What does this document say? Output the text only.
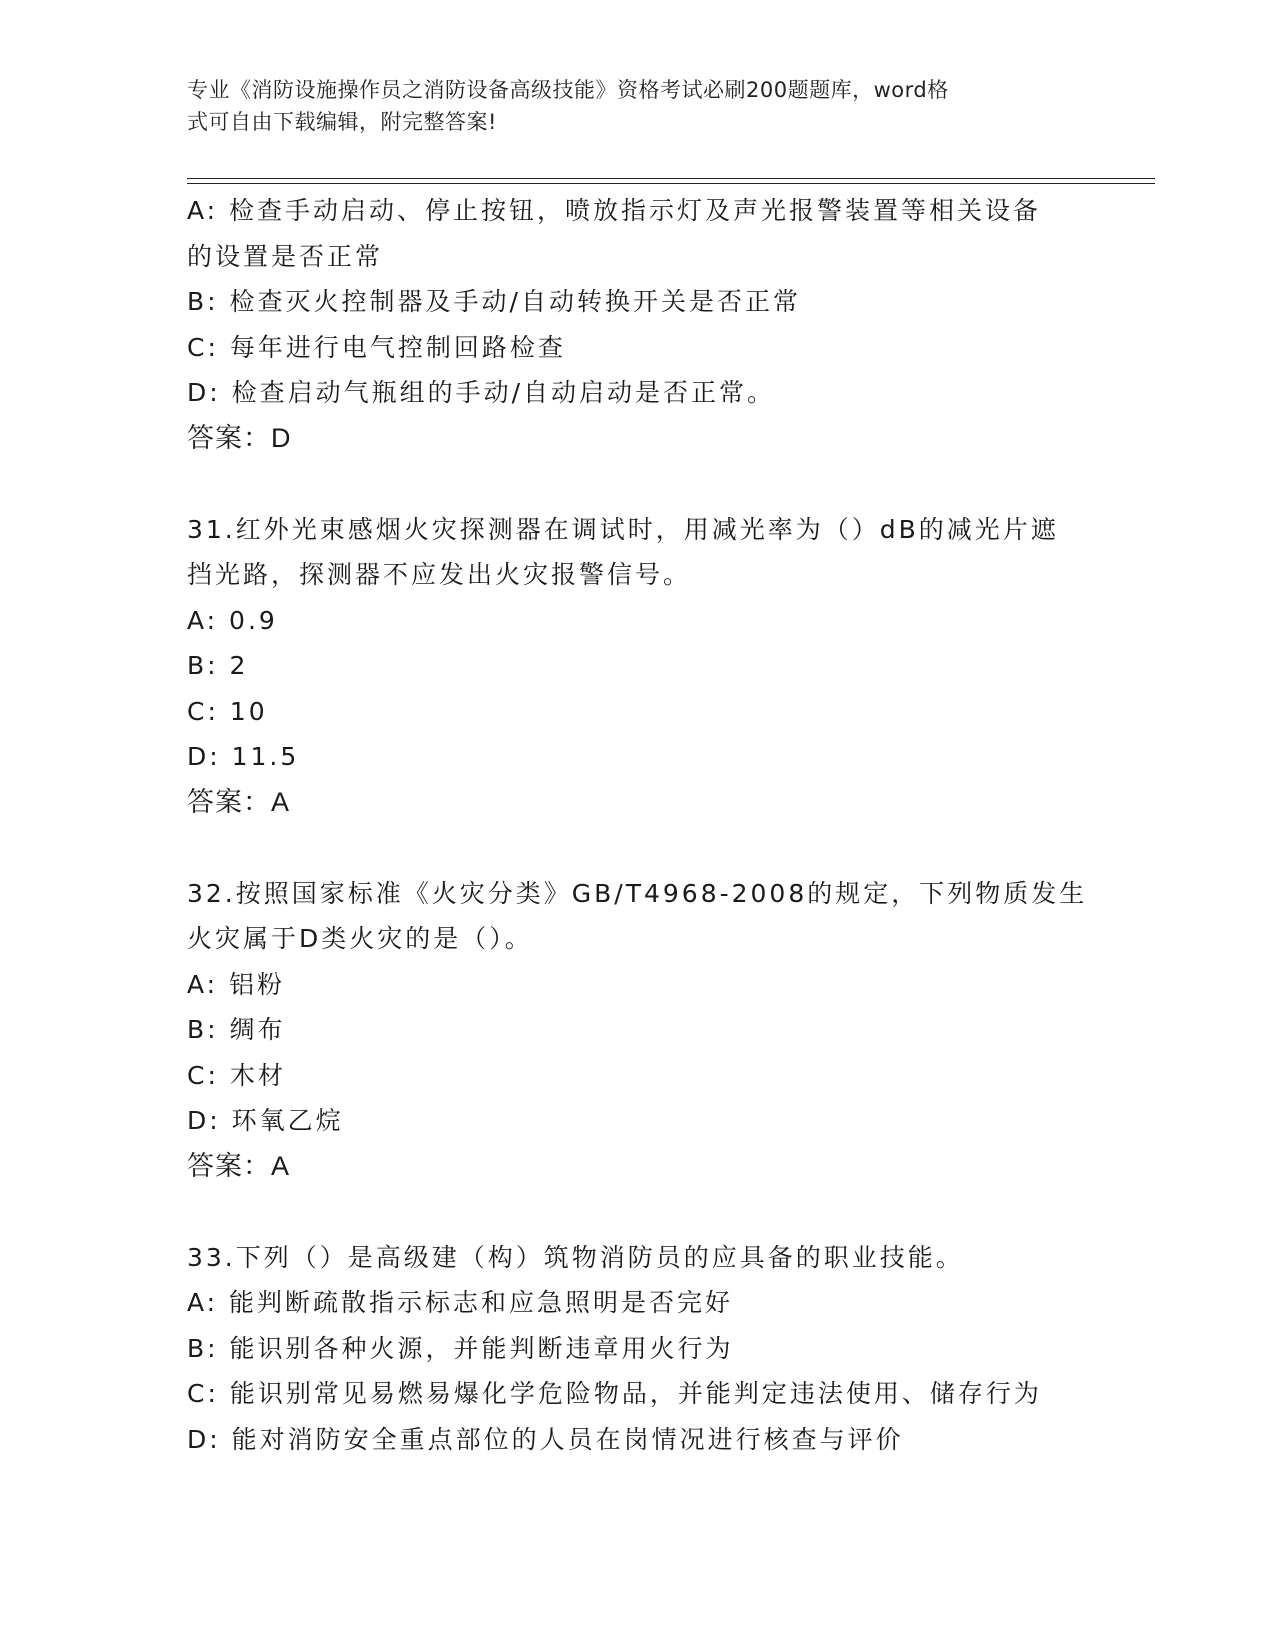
专业《消防设施操作员之消防设备高级技能》资格考试必刷200题题库，word格
式可自由下载编辑，附完整答案!
A: 检查手动启动、停止按钮，喷放指示灯及声光报警装置等相关设备
的设置是否正常
B: 检查灭火控制器及手动/自动转换开关是否正常
C: 每年进行电气控制回路检查
D: 检查启动气瓶组的手动/自动启动是否正常。
答案：D
31.红外光束感烟火灾探测器在调试时，用减光率为（）dB的减光片遮
挡光路，探测器不应发出火灾报警信号。
A: 0.9
B: 2
C: 10
D: 11.5
答案：A
32.按照国家标准《火灾分类》GB/T4968-2008的规定，下列物质发生
火灾属于D类火灾的是（）。
A: 铝粉
B: 绸布
C: 木材
D: 环氧乙烷
答案：A
33.下列（）是高级建（构）筑物消防员的应具备的职业技能。
A: 能判断疏散指示标志和应急照明是否完好
B: 能识别各种火源，并能判断违章用火行为
C: 能识别常见易燃易爆化学危险物品，并能判定违法使用、储存行为
D: 能对消防安全重点部位的人员在岗情况进行核查与评价
